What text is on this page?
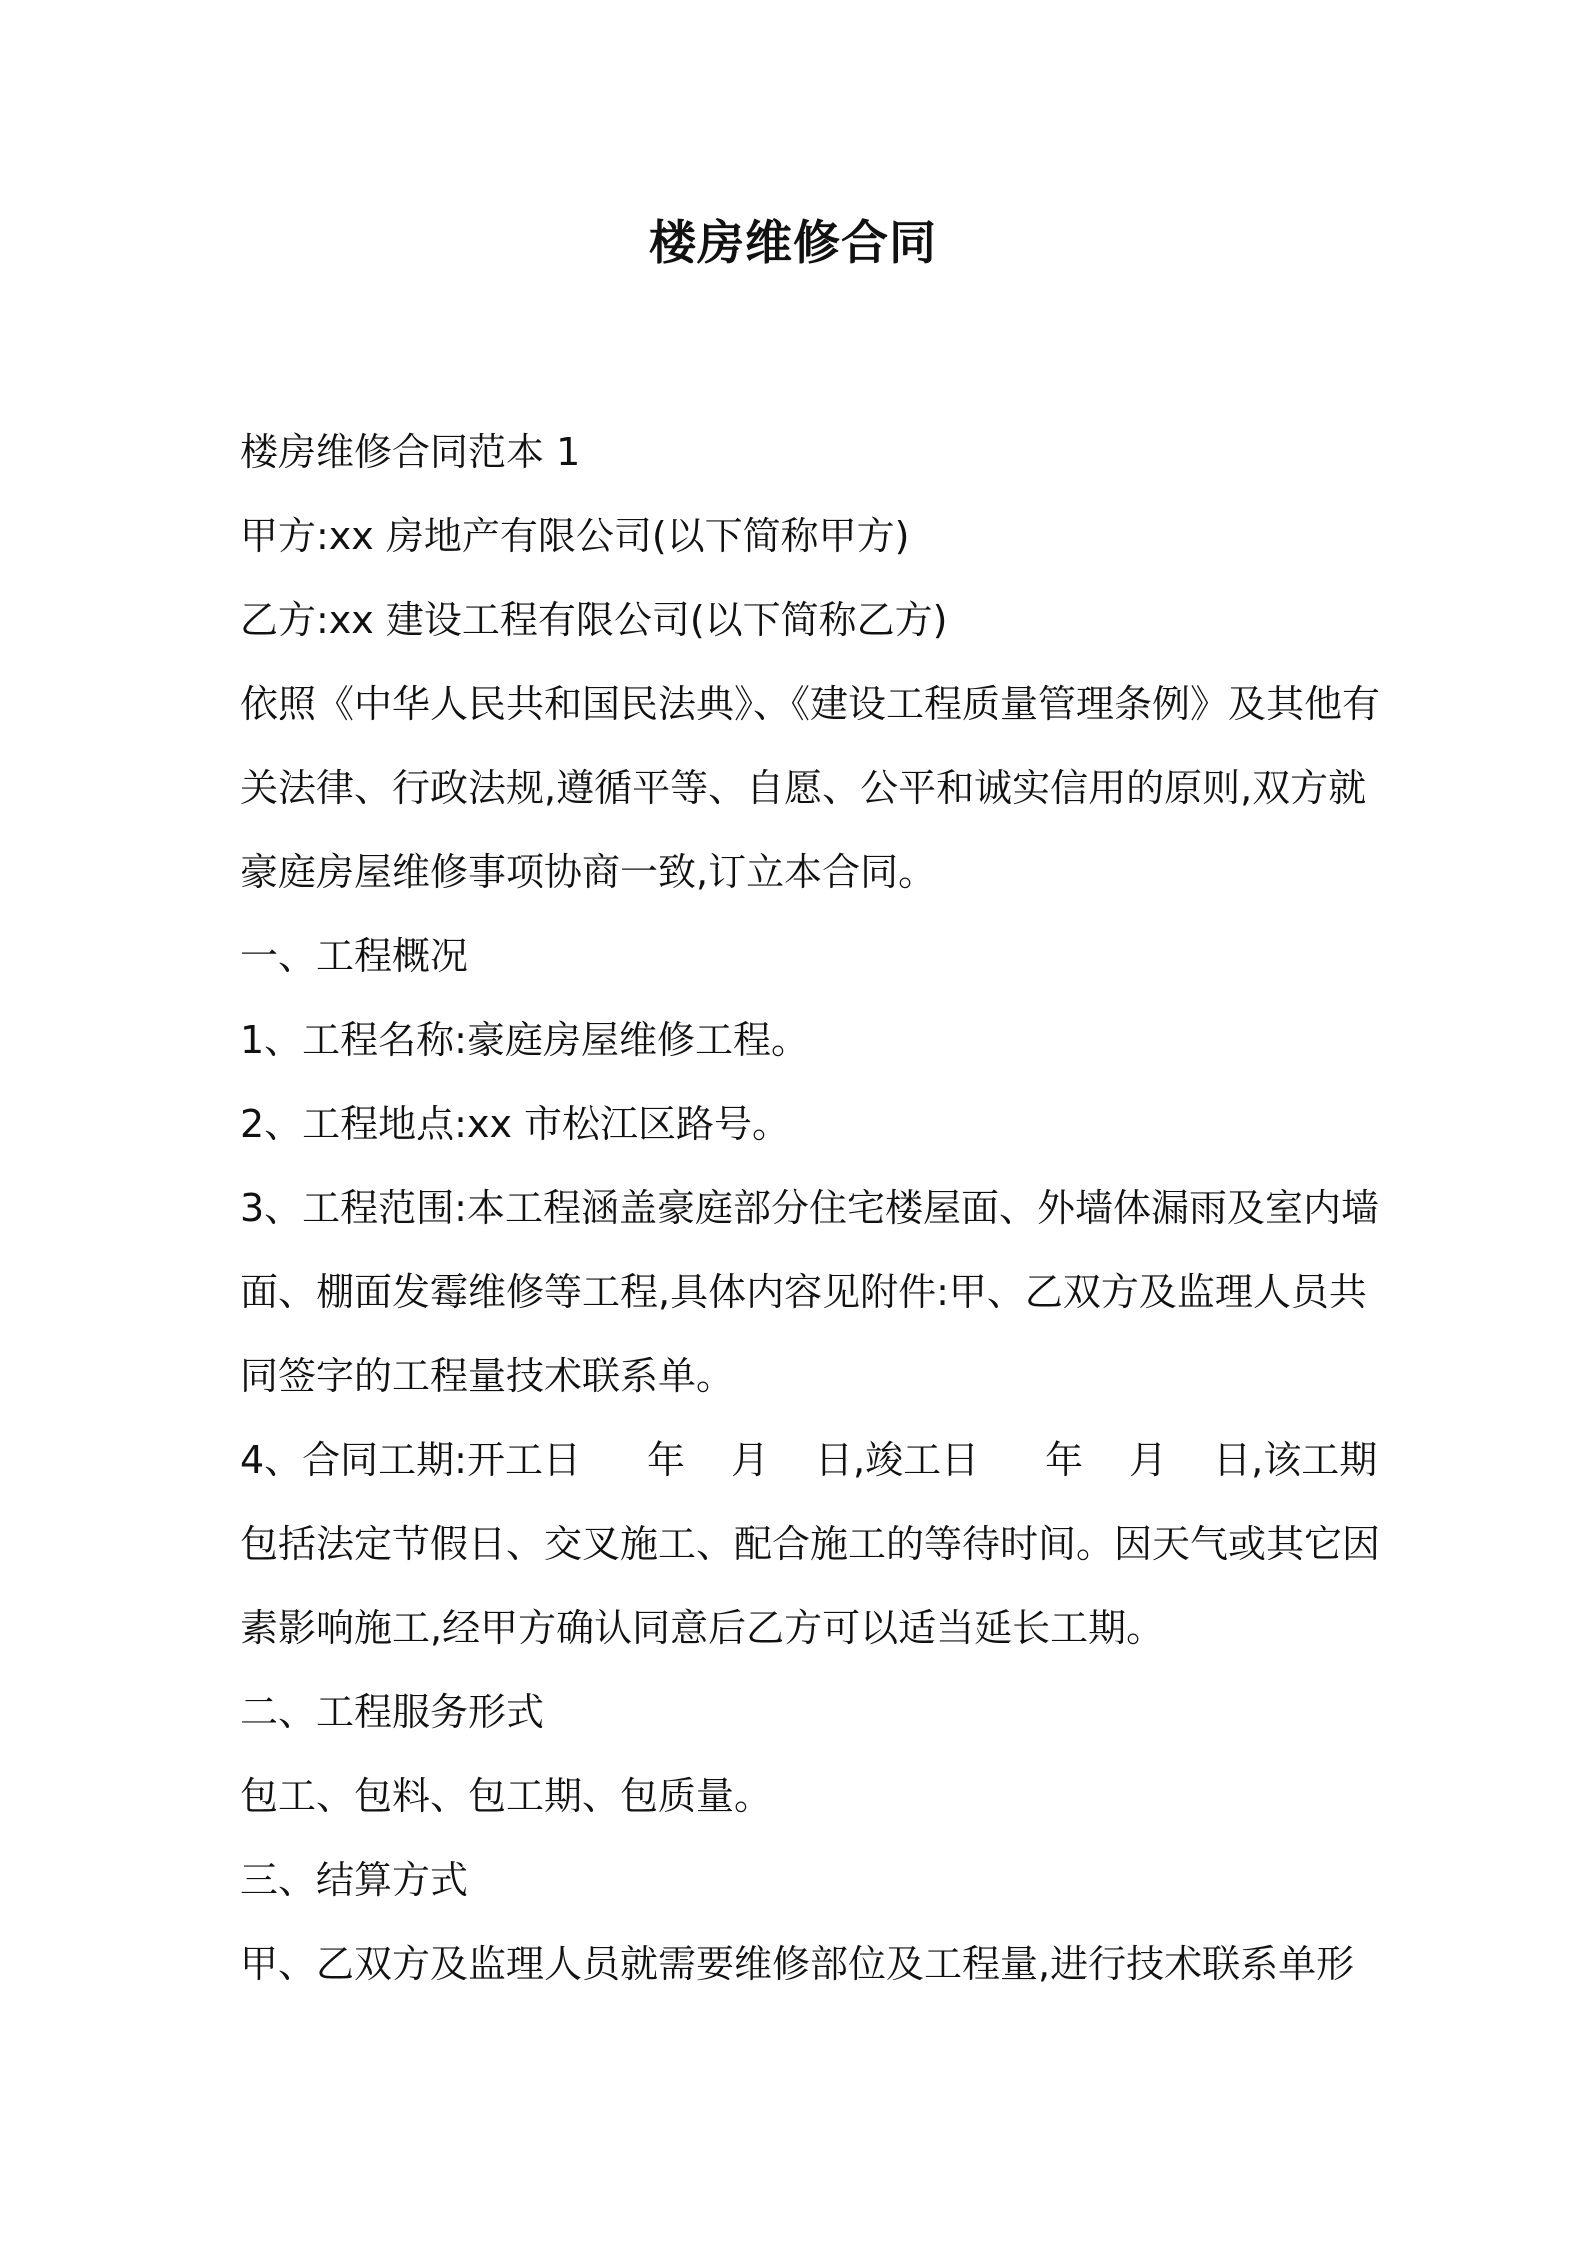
楼房维修合同
楼房维修合同范本 1
甲方:xx 房地产有限公司(以下简称甲方)
乙方:xx 建设工程有限公司(以下简称乙方)
依照《中华人民共和国民法典》、《建设工程质量管理条例》及其他有
关法律、行政法规,遵循平等、自愿、公平和诚实信用的原则,双方就
豪庭房屋维修事项协商一致,订立本合同。
一、工程概况
1、工程名称:豪庭房屋维修工程。
2、工程地点:xx 市松江区路号。
3、工程范围:本工程涵盖豪庭部分住宅楼屋面、外墙体漏雨及室内墙
面、棚面发霉维修等工程,具体内容见附件:甲、乙双方及监理人员共
同签字的工程量技术联系单。
4、合同工期:开工日 年 月 日,竣工日 年 月 日,该工期
包括法定节假日、交叉施工、配合施工的等待时间。因天气或其它因
素影响施工,经甲方确认同意后乙方可以适当延长工期。
二、工程服务形式
包工、包料、包工期、包质量。
三、结算方式
甲、乙双方及监理人员就需要维修部位及工程量,进行技术联系单形
